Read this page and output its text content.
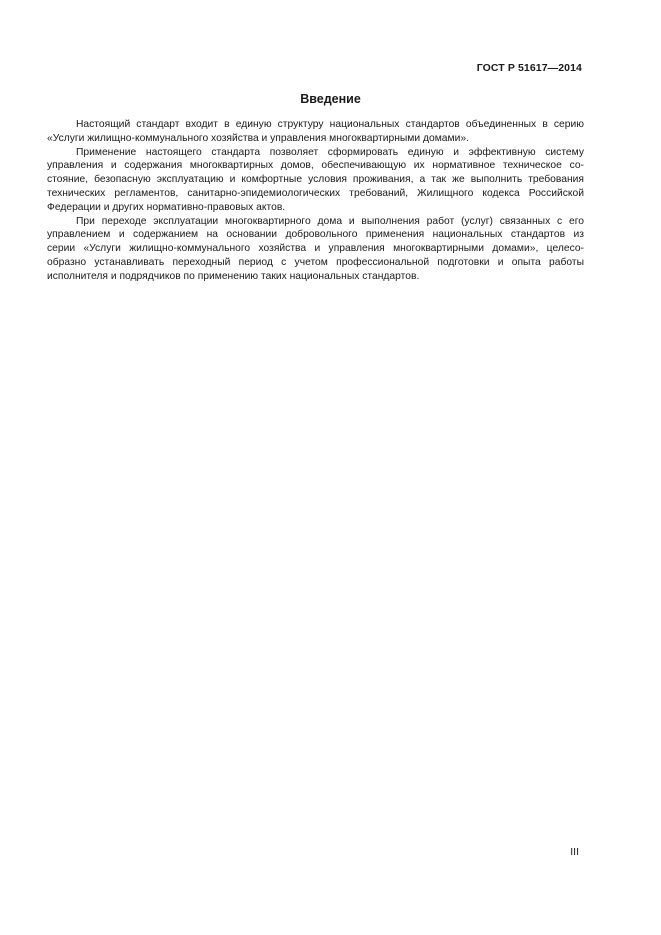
ГОСТ Р 51617—2014
Введение

Настоящий стандарт входит в единую структуру национальных стандартов объединенных в серию
«Услуги жилищно-коммунального хозяйства и управления многоквартирными домами».

Применение настоящего стандарта позволяет сформировать единую и эффективную систему
управления и содержания многоквартирных домов, обеспечивающую их нормативное техническое со-
стояние, безопасную эксплуатацию и комфортные условия проживания, а так же выполнить требования
технических регламентов, санитарно-эпидемиологических требований, Жилищного кодекса Российской
Федерации и других нормативно-правовых актов.

При переходе эксплуатации многоквартирного дома и выполнения работ (услуг) связанных с его
управлением и содержанием на основании добровольного применения национальных стандартов из
серии «Услуги жилищно-коммунального хозяйства и управления многоквартирными домами», целесо-
образно устанавливать переходный период с учетом профессиональной подготовки и опыта работы
исполнителя и подрядчиков по применению таких национальных стандартов.

III
